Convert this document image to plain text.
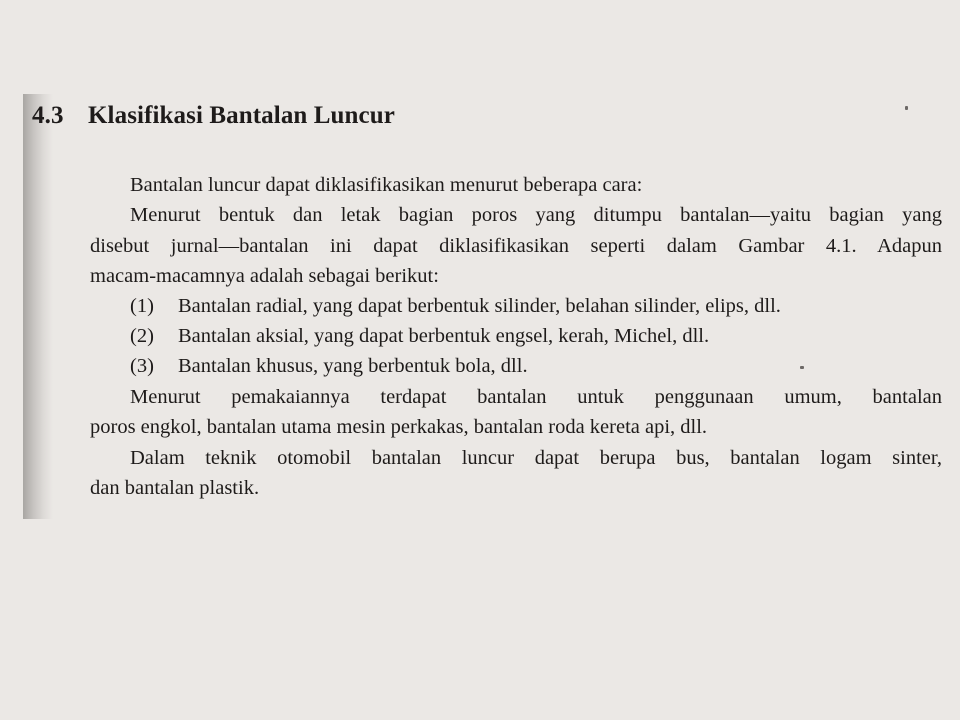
4.3 Klasifikasi Bantalan Luncur
Bantalan luncur dapat diklasifikasikan menurut beberapa cara:
Menurut bentuk dan letak bagian poros yang ditumpu bantalan—yaitu bagian yang
disebut jurnal—bantalan ini dapat diklasifikasikan seperti dalam Gambar 4.1. Adapun
macam-macamnya adalah sebagai berikut:
(1) Bantalan radial, yang dapat berbentuk silinder, belahan silinder, elips, dll.
(2) Bantalan aksial, yang dapat berbentuk engsel, kerah, Michel, dll.
(3) Bantalan khusus, yang berbentuk bola, dll.
Menurut pemakaiannya terdapat bantalan untuk penggunaan umum, bantalan
poros engkol, bantalan utama mesin perkakas, bantalan roda kereta api, dll.
Dalam teknik otomobil bantalan luncur dapat berupa bus, bantalan logam sinter,
dan bantalan plastik.
